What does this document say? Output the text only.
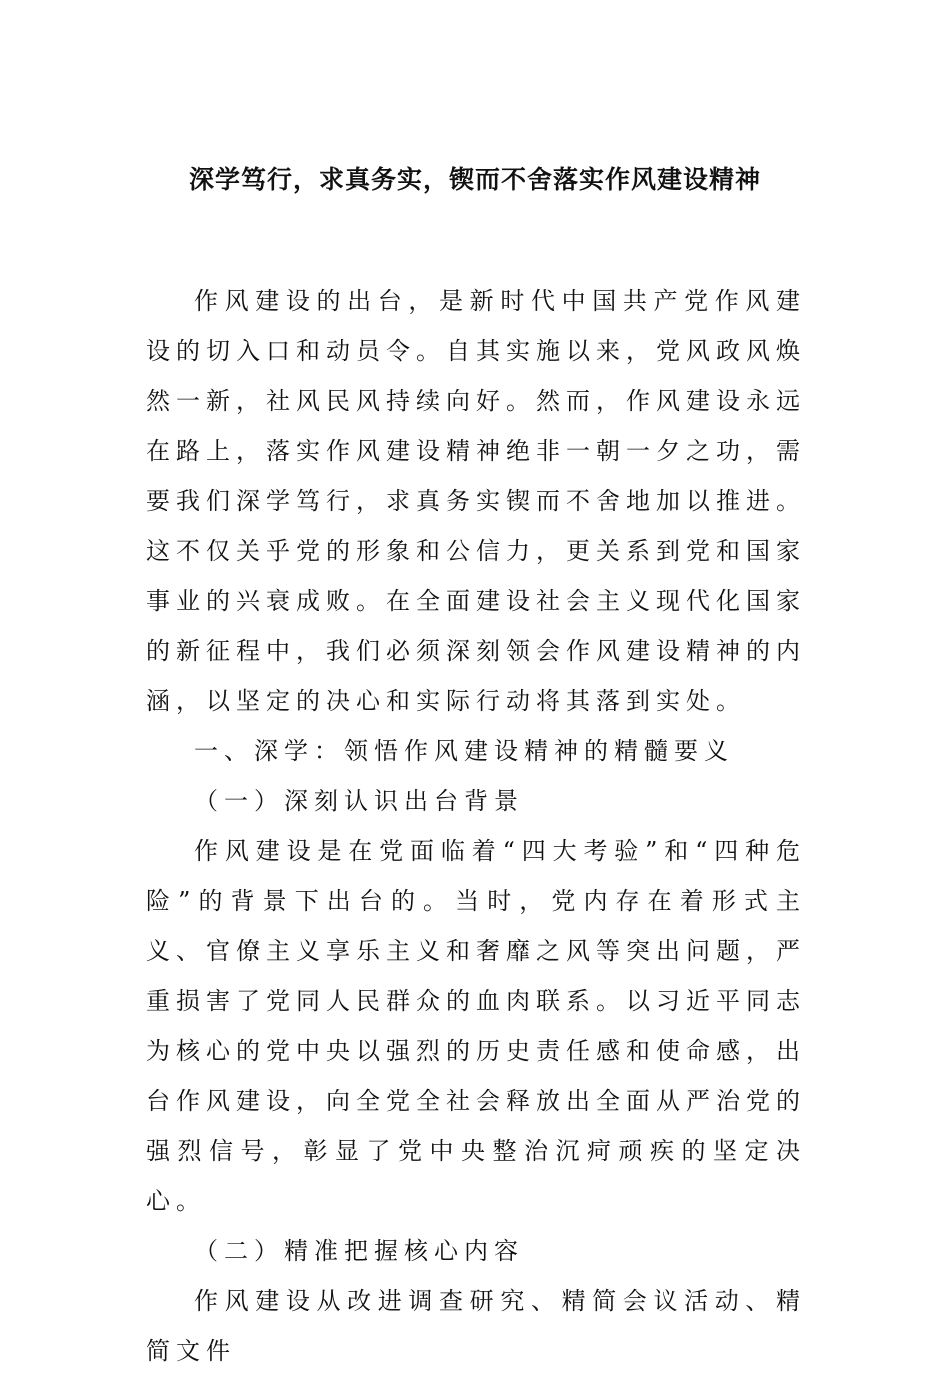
深学笃行，求真务实，锲而不舍落实作风建设精神

作风建设的出台，是新时代中国共产党作风建设的切入口和动员令。自其实施以来，党风政风焕然一新，社风民风持续向好。然而，作风建设永远在路上，落实作风建设精神绝非一朝一夕之功，需要我们深学笃行，求真务实锲而不舍地加以推进。这不仅关乎党的形象和公信力，更关系到党和国家事业的兴衰成败。在全面建设社会主义现代化国家的新征程中，我们必须深刻领会作风建设精神的内涵，以坚定的决心和实际行动将其落到实处。

一、深学：领悟作风建设精神的精髓要义

（一）深刻认识出台背景

作风建设是在党面临着“四大考验”和“四种危险”的背景下出台的。当时，党内存在着形式主义、官僚主义享乐主义和奢靡之风等突出问题，严重损害了党同人民群众的血肉联系。以习近平同志为核心的党中央以强烈的历史责任感和使命感，出台作风建设，向全党全社会释放出全面从严治党的强烈信号，彰显了党中央整治沉疴顽疾的坚定决心。

（二）精准把握核心内容

作风建设从改进调查研究、精简会议活动、精简文件
